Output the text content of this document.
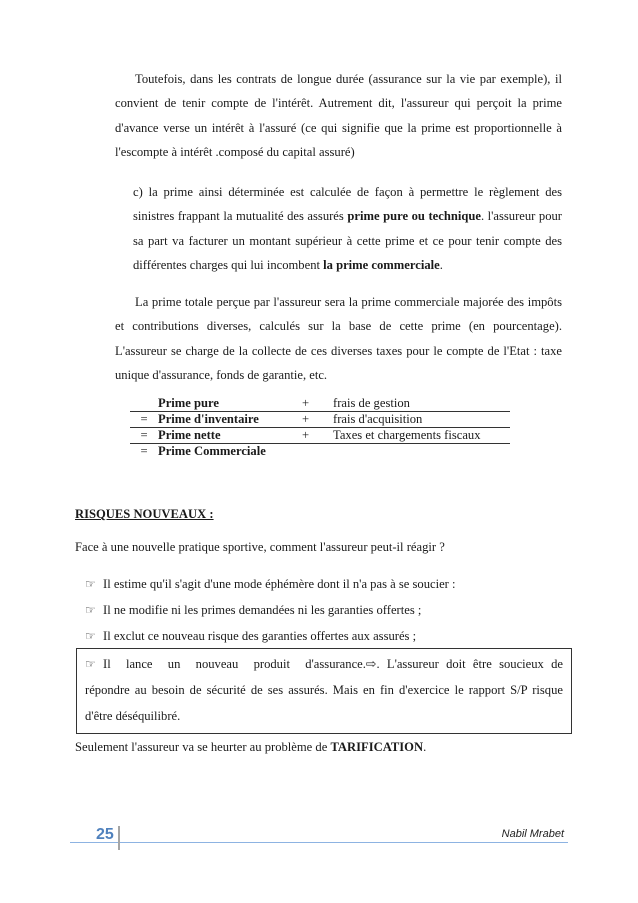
Toutefois, dans les contrats de longue durée (assurance sur la vie par exemple), il convient de tenir compte de l'intérêt. Autrement dit, l'assureur qui perçoit la prime d'avance verse un intérêt à l'assuré (ce qui signifie que la prime est proportionnelle à l'escompte à intérêt .composé du capital assuré)

c) la prime ainsi déterminée est calculée de façon à permettre le règlement des sinistres frappant la mutualité des assurés prime pure ou technique. l'assureur pour sa part va facturer un montant supérieur à cette prime et ce pour tenir compte des différentes charges qui lui incombent la prime commerciale.

La prime totale perçue par l'assureur sera la prime commerciale majorée des impôts et contributions diverses, calculés sur la base de cette prime (en pourcentage). L'assureur se charge de la collecte de ces diverses taxes pour le compte de l'Etat : taxe unique d'assurance, fonds de garantie, etc.

	Prime pure	+	frais de gestion
=	Prime d'inventaire	+	frais d'acquisition
=	Prime nette	+	Taxes et chargements fiscaux
=	Prime Commerciale		
RISQUES NOUVEAUX :
Face à une nouvelle pratique sportive, comment l'assureur peut-il réagir ?
☞ Il estime qu'il s'agit d'une mode éphémère dont il n'a pas à se soucier :
☞ Il ne modifie ni les primes demandées ni les garanties offertes ;
☞ Il exclut ce nouveau risque des garanties offertes aux assurés ;
☞ Il lance un nouveau produit d'assurance.⇨. L'assureur doit être soucieux de répondre au besoin de sécurité de ses assurés. Mais en fin d'exercice le rapport S/P risque d'être déséquilibré.
Seulement l'assureur va se heurter au problème de TARIFICATION.
25	Nabil Mrabet
